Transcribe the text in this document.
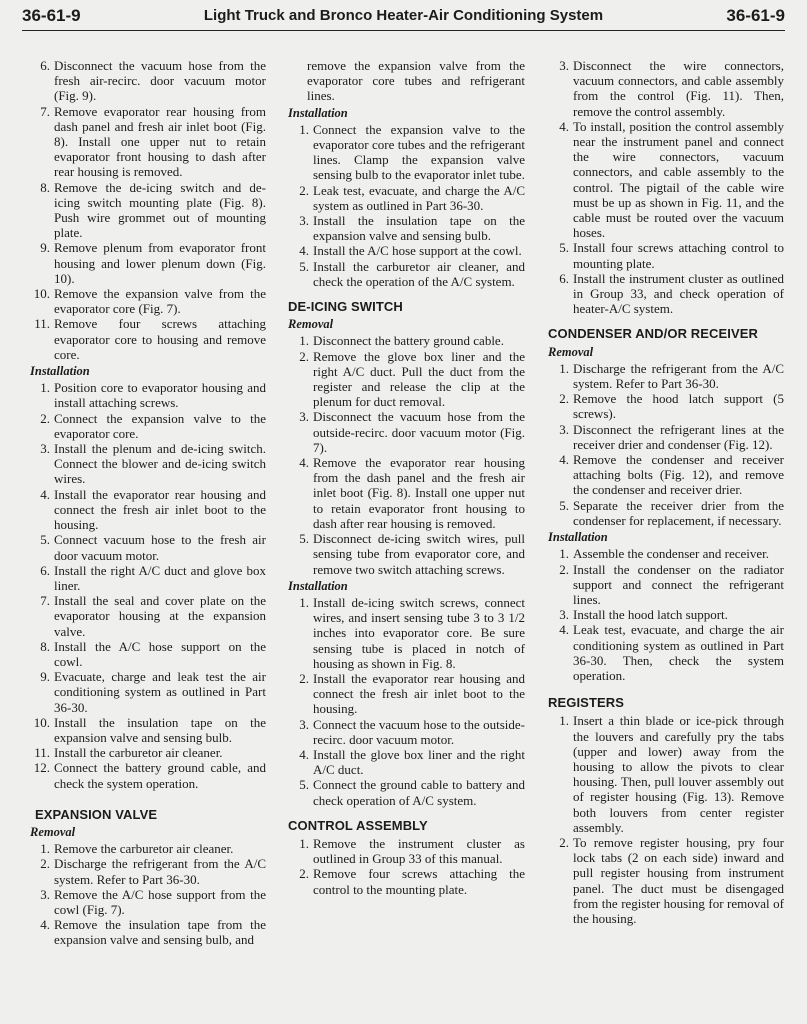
36-61-9	Light Truck and Bronco Heater-Air Conditioning System	36-61-9
6. Disconnect the vacuum hose from the fresh air-recirc. door vacuum motor (Fig. 9).
7. Remove evaporator rear housing from dash panel and fresh air inlet boot (Fig. 8). Install one upper nut to retain evaporator front housing to dash after rear housing is removed.
8. Remove the de-icing switch and de-icing switch mounting plate (Fig. 8). Push wire grommet out of mounting plate.
9. Remove plenum from evaporator front housing and lower plenum down (Fig. 10).
10. Remove the expansion valve from the evaporator core (Fig. 7).
11. Remove four screws attaching evaporator core to housing and remove core.
Installation
1. Position core to evaporator housing and install attaching screws.
2. Connect the expansion valve to the evaporator core.
3. Install the plenum and de-icing switch. Connect the blower and de-icing switch wires.
4. Install the evaporator rear housing and connect the fresh air inlet boot to the housing.
5. Connect vacuum hose to the fresh air door vacuum motor.
6. Install the right A/C duct and glove box liner.
7. Install the seal and cover plate on the evaporator housing at the expansion valve.
8. Install the A/C hose support on the cowl.
9. Evacuate, charge and leak test the air conditioning system as outlined in Part 36-30.
10. Install the insulation tape on the expansion valve and sensing bulb.
11. Install the carburetor air cleaner.
12. Connect the battery ground cable, and check the system operation.
EXPANSION VALVE
Removal
1. Remove the carburetor air cleaner.
2. Discharge the refrigerant from the A/C system. Refer to Part 36-30.
3. Remove the A/C hose support from the cowl (Fig. 7).
4. Remove the insulation tape from the expansion valve and sensing bulb, and
remove the expansion valve from the evaporator core tubes and refrigerant lines.
Installation
1. Connect the expansion valve to the evaporator core tubes and the refrigerant lines. Clamp the expansion valve sensing bulb to the evaporator inlet tube.
2. Leak test, evacuate, and charge the A/C system as outlined in Part 36-30.
3. Install the insulation tape on the expansion valve and sensing bulb.
4. Install the A/C hose support at the cowl.
5. Install the carburetor air cleaner, and check the operation of the A/C system.
DE-ICING SWITCH
Removal
1. Disconnect the battery ground cable.
2. Remove the glove box liner and the right A/C duct. Pull the duct from the register and release the clip at the plenum for duct removal.
3. Disconnect the vacuum hose from the outside-recirc. door vacuum motor (Fig. 7).
4. Remove the evaporator rear housing from the dash panel and the fresh air inlet boot (Fig. 8). Install one upper nut to retain evaporator front housing to dash after rear housing is removed.
5. Disconnect de-icing switch wires, pull sensing tube from evaporator core, and remove two switch attaching screws.
Installation
1. Install de-icing switch screws, connect wires, and insert sensing tube 3 to 3 1/2 inches into evaporator core. Be sure sensing tube is placed in notch of housing as shown in Fig. 8.
2. Install the evaporator rear housing and connect the fresh air inlet boot to the housing.
3. Connect the vacuum hose to the outside-recirc. door vacuum motor.
4. Install the glove box liner and the right A/C duct.
5. Connect the ground cable to battery and check operation of A/C system.
CONTROL ASSEMBLY
1. Remove the instrument cluster as outlined in Group 33 of this manual.
2. Remove four screws attaching the control to the mounting plate.
3. Disconnect the wire connectors, vacuum connectors, and cable assembly from the control (Fig. 11). Then, remove the control assembly.
4. To install, position the control assembly near the instrument panel and connect the wire connectors, vacuum connectors, and cable assembly to the control. The pigtail of the cable wire must be up as shown in Fig. 11, and the cable must be routed over the vacuum hoses.
5. Install four screws attaching control to mounting plate.
6. Install the instrument cluster as outlined in Group 33, and check operation of heater-A/C system.
CONDENSER AND/OR RECEIVER
Removal
1. Discharge the refrigerant from the A/C system. Refer to Part 36-30.
2. Remove the hood latch support (5 screws).
3. Disconnect the refrigerant lines at the receiver drier and condenser (Fig. 12).
4. Remove the condenser and receiver attaching bolts (Fig. 12), and remove the condenser and receiver drier.
5. Separate the receiver drier from the condenser for replacement, if necessary.
Installation
1. Assemble the condenser and receiver.
2. Install the condenser on the radiator support and connect the refrigerant lines.
3. Install the hood latch support.
4. Leak test, evacuate, and charge the air conditioning system as outlined in Part 36-30. Then, check the system operation.
REGISTERS
1. Insert a thin blade or ice-pick through the louvers and carefully pry the tabs (upper and lower) away from the housing to allow the pivots to clear housing. Then, pull louver assembly out of register housing (Fig. 13). Remove both louvers from center register assembly.
2. To remove register housing, pry four lock tabs (2 on each side) inward and pull register housing from instrument panel. The duct must be disengaged from the register housing for removal of the housing.
